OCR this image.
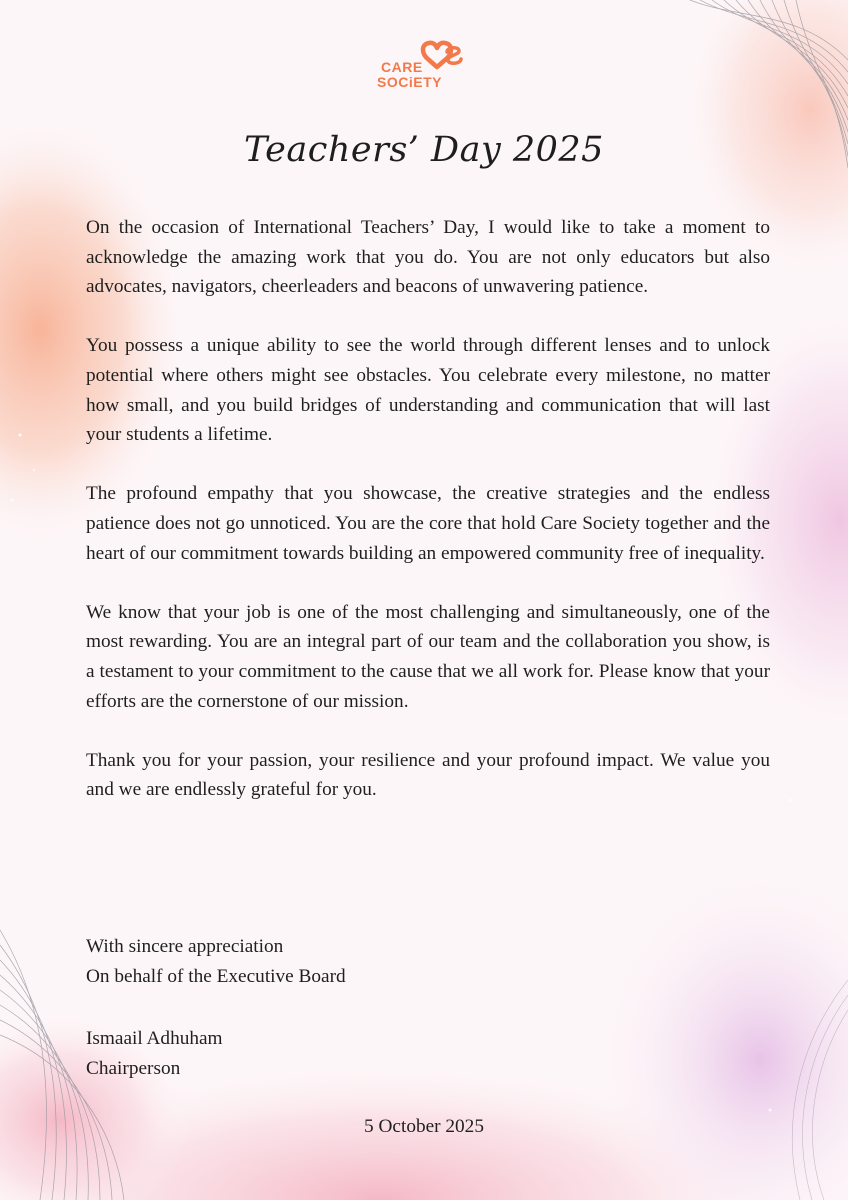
CARE
SOCiETY
Teachers’ Day 2025

On the occasion of International Teachers’ Day, I would like to take a moment to acknowledge the amazing work that you do. You are not only educators but also advocates, navigators, cheerleaders and beacons of unwavering patience.

You possess a unique ability to see the world through different lenses and to unlock potential where others might see obstacles. You celebrate every milestone, no matter how small, and you build bridges of understanding and communication that will last your students a lifetime.

The profound empathy that you showcase, the creative strategies and the endless patience does not go unnoticed. You are the core that hold Care Society together and the heart of our commitment towards building an empowered community free of inequality.

We know that your job is one of the most challenging and simultaneously, one of the most rewarding. You are an integral part of our team and the collaboration you show, is a testament to your commitment to the cause that we all work for. Please know that your efforts are the cornerstone of our mission.

Thank you for your passion, your resilience and your profound impact. We value you and we are endlessly grateful for you.

With sincere appreciation
On behalf of the Executive Board
Ismaail Adhuham
Chairperson
5 October 2025
